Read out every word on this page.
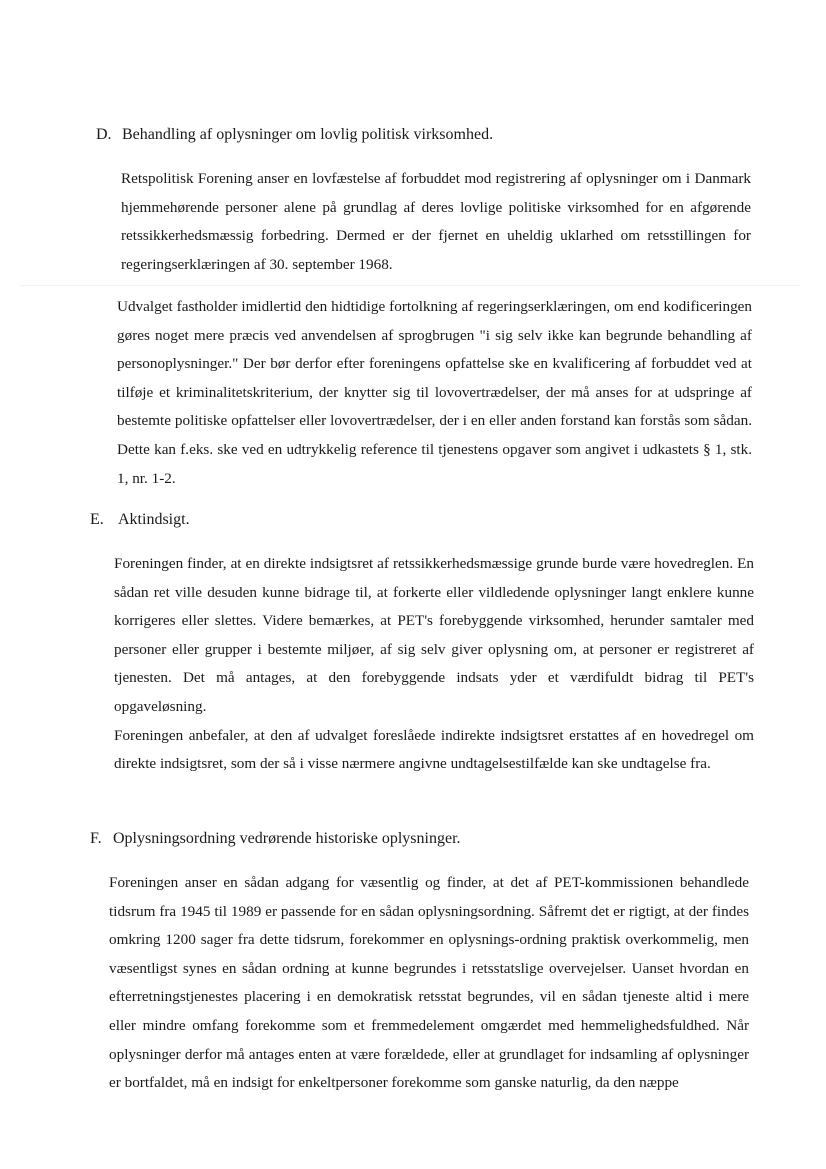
D. Behandling af oplysninger om lovlig politisk virksomhed.

Retspolitisk Forening anser en lovfæstelse af forbuddet mod registrering af oplysninger om i Danmark hjemmehørende personer alene på grundlag af deres lovlige politiske virksomhed for en afgørende retssikkerhedsmæssig forbedring. Dermed er der fjernet en uheldig uklarhed om retsstillingen for regeringserklæringen af 30. september 1968.

Udvalget fastholder imidlertid den hidtidige fortolkning af regeringserklæringen, om end kodificeringen gøres noget mere præcis ved anvendelsen af sprogbrugen "i sig selv ikke kan begrunde behandling af personoplysninger." Der bør derfor efter foreningens opfattelse ske en kvalificering af forbuddet ved at tilføje et kriminalitetskriterium, der knytter sig til lovovertrædelser, der må anses for at udspringe af bestemte politiske opfattelser eller lovovertrædelser, der i en eller anden forstand kan forstås som sådan. Dette kan f.eks. ske ved en udtrykkelig reference til tjenestens opgaver som angivet i udkastets § 1, stk. 1, nr. 1-2.

E. Aktindsigt.

Foreningen finder, at en direkte indsigtsret af retssikkerhedsmæssige grunde burde være hovedreglen. En sådan ret ville desuden kunne bidrage til, at forkerte eller vildledende oplysninger langt enklere kunne korrigeres eller slettes. Videre bemærkes, at PET's forebyggende virksomhed, herunder samtaler med personer eller grupper i bestemte miljøer, af sig selv giver oplysning om, at personer er registreret af tjenesten. Det må antages, at den forebyggende indsats yder et værdifuldt bidrag til PET's opgaveløsning.

Foreningen anbefaler, at den af udvalget foreslåede indirekte indsigtsret erstattes af en hovedregel om direkte indsigtsret, som der så i visse nærmere angivne undtagelsestilfælde kan ske undtagelse fra.

F. Oplysningsordning vedrørende historiske oplysninger.

Foreningen anser en sådan adgang for væsentlig og finder, at det af PET-kommissionen behandlede tidsrum fra 1945 til 1989 er passende for en sådan oplysningsordning. Såfremt det er rigtigt, at der findes omkring 1200 sager fra dette tidsrum, forekommer en oplysnings-ordning praktisk overkommelig, men væsentligst synes en sådan ordning at kunne begrundes i retsstatslige overvejelser. Uanset hvordan en efterretningstjenestes placering i en demokratisk retsstat begrundes, vil en sådan tjeneste altid i mere eller mindre omfang forekomme som et fremmedelement omgærdet med hemmelighedsfuldhed. Når oplysninger derfor må antages enten at være forældede, eller at grundlaget for indsamling af oplysninger er bortfaldet, må en indsigt for enkeltpersoner forekomme som ganske naturlig, da den næppe
